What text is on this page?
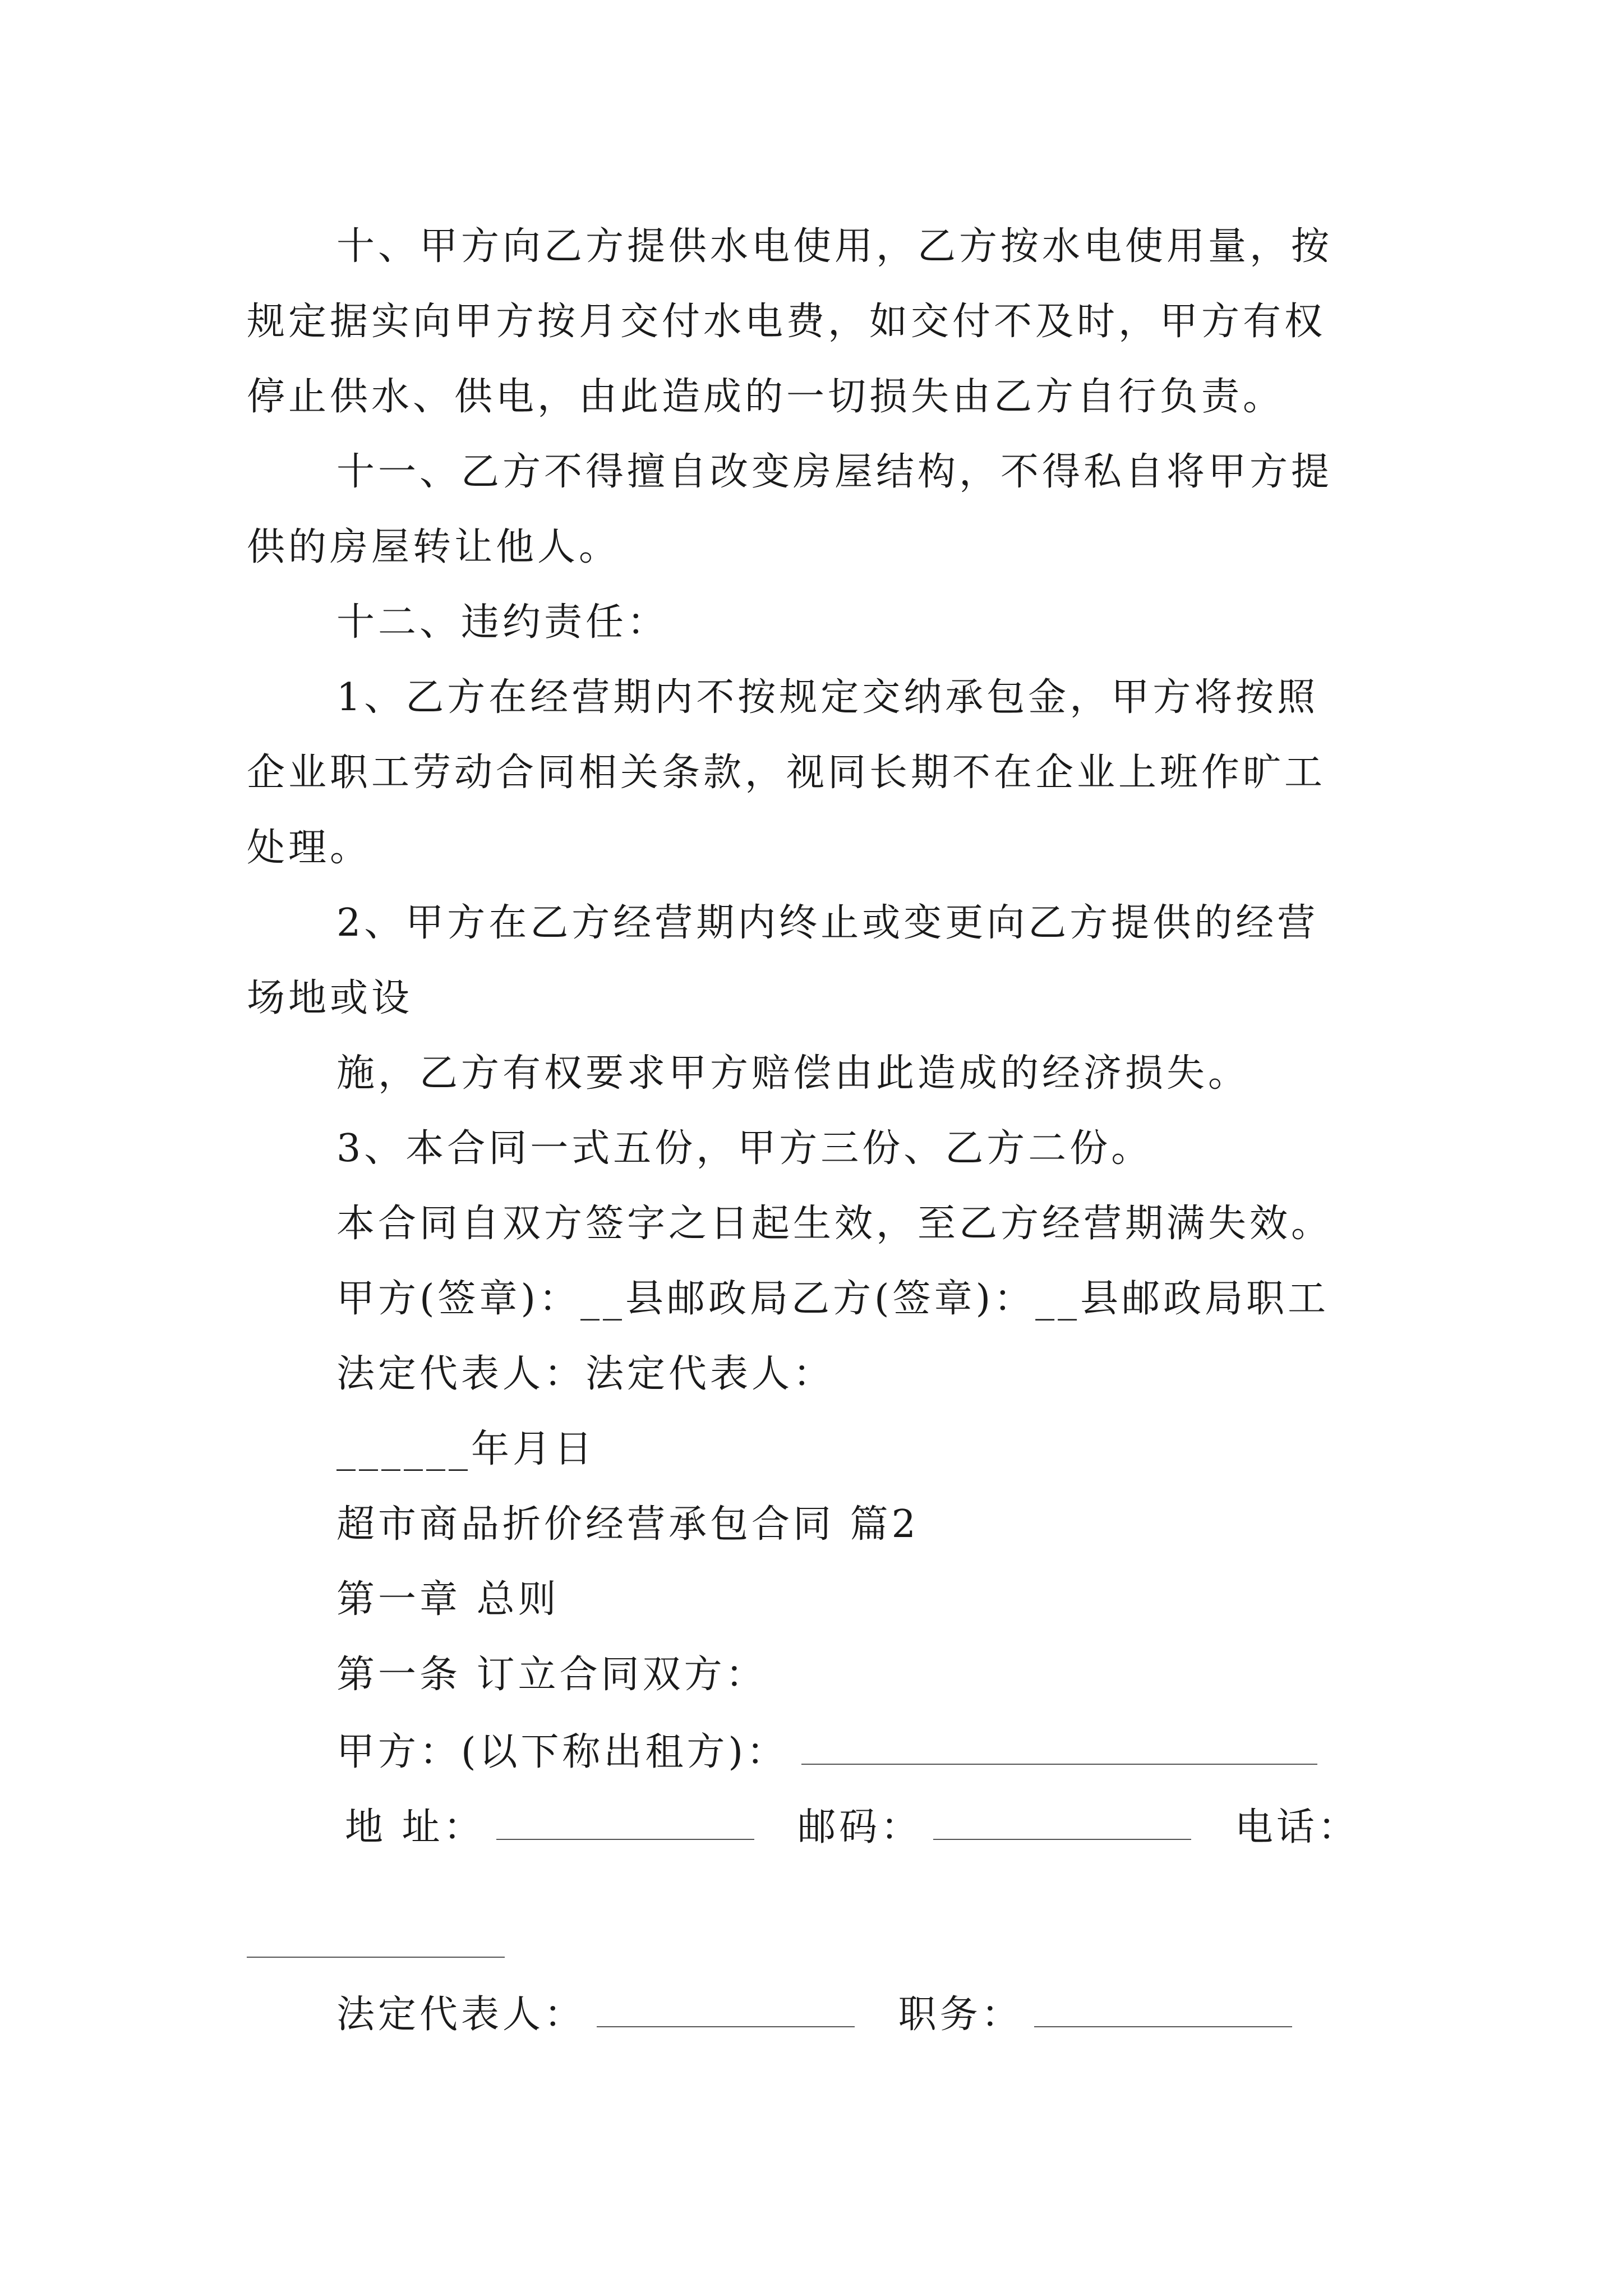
十、甲方向乙方提供水电使用，乙方按水电使用量，按
规定据实向甲方按月交付水电费，如交付不及时，甲方有权
停止供水、供电，由此造成的一切损失由乙方自行负责。
十一、乙方不得擅自改变房屋结构，不得私自将甲方提
供的房屋转让他人。
十二、违约责任：
1、乙方在经营期内不按规定交纳承包金，甲方将按照
企业职工劳动合同相关条款，视同长期不在企业上班作旷工
处理。
2、甲方在乙方经营期内终止或变更向乙方提供的经营
场地或设
施，乙方有权要求甲方赔偿由此造成的经济损失。
3、本合同一式五份，甲方三份、乙方二份。
本合同自双方签字之日起生效，至乙方经营期满失效。
甲方(签章)：__县邮政局乙方(签章)：__县邮政局职工
法定代表人：法定代表人：
______年月日
超市商品折价经营承包合同 篇2
第一章 总则
第一条 订立合同双方：
甲方：(以下称出租方)：
地 址：	邮码：	电话：
法定代表人：	职务：
